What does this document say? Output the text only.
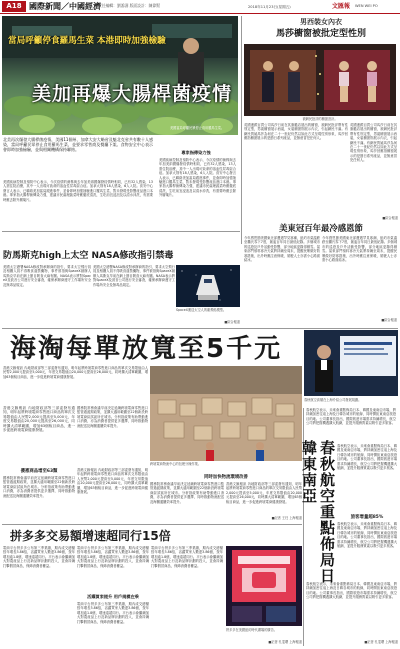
A18 國際新聞／中國經濟
責任編輯：劉鴻濤 版面設計：陳偉賢	2018年11月23日(星期五)	文匯報 WEN WEI PO
當局呼籲停食羅馬生菜 本港即時加強檢驗
美加再爆大腸桿菌疫情
美國當局呼籲民眾停止食用羅馬生菜。
北美再次爆發大腸桿菌疫情，美國11個州、加拿大安大略省及魁北克省共有數十人感染，當局呼籲民眾停止食用羅馬生菜，並要求零售商及餐廳下架。食物安全中心表示會即時加強檢驗，並與相關機構保持聯絡。
專家指傳染力強
美國疾病控制及預防中心表示，今次疫情的菌株與去年加美兩國爆發疫情時相同，已有32人感染，13人需住院治療，其中一人出現可致命的溶血性尿毒綜合症。加拿大則有18人感染，6人入院。食安中心發言人表示，已聯絡美加當局跟進事件，並會即時加強抽驗進口羅馬生菜，暫未發現受影響產品進口本港。專家指大腸桿菌傳染力強，建議市民處理蔬菜時應徹底清洗，生吃前宜浸泡及以清水沖洗，有需要時應去除外層葉片。
美國疾病控制及預防中心表示，今次疫情的菌株與去年加美兩國爆發疫情時相同，已有32人感染，13人需住院治療，其中一人出現可致命的溶血性尿毒綜合症。加拿大則有18人感染，6人入院。食安中心發言人表示，已聯絡美加當局跟進事件，並會即時加強抽驗進口羅馬生菜，暫未發現受影響產品進口本港。專家指大腸桿菌傳染力強，建議市民處理蔬菜時應徹底清洗，生吃前宜浸泡及以清水沖洗，有需要時應去除外層葉片。
男西裝女內衣
馬莎櫥窗被批定型性別
被網民批評的櫥窗設計。
英國連鎖百貨公司馬莎日前在其旗艦店展出的櫥窗，被網民批評帶有性別定型，男裝櫥窗展示西裝，女裝櫥窗則展示內衣，引起網民不滿。有網民質疑馬莎為何在二十一世紀仍然以如此方式呈現性別形象，馬莎回應指櫥窗展示的是節日系列產品，並無意冒犯任何人。
英國連鎖百貨公司馬莎日前在其旗艦店展出的櫥窗，被網民批評帶有性別定型，男裝櫥窗展示西裝，女裝櫥窗則展示內衣，引起網民不滿。有網民質疑馬莎為何在二十一世紀仍然以如此方式呈現性別形象，馬莎回應指櫥窗展示的是節日系列產品，並無意冒犯任何人。
■綜合報道
美東冠百年最冷感恩節
防馬斯克high上太空 NASA修改指引禁毒
美國太空總署NASA修改對承辦商的指引，要求太空飛行員及相關人員不得吸食違禁藥物，事件被指與SpaceX創辦人馬斯克早前在網上節目吸食大麻有關。NASA表示將對SpaceX及波音公司進行安全審查，確保承辦商遵守工作場所安全及無毒品規定。
美國太空總署NASA修改對承辦商的指引，要求太空飛行員及相關人員不得吸食違禁藥物，事件被指與SpaceX創辦人馬斯克早前在網上節目吸食大麻有關。NASA表示將對SpaceX及波音公司進行安全審查，確保承辦商遵守工作場所安全及無毒品規定。
SpaceX運送太空人的龍飛船模型。
■綜合報道
今年感恩節美國東北部遭遇罕見寒潮，紐約市氣溫跌至攝氏零下7度，創逾百年同日最低紀錄。多個城市的巡遊及戶外活動受影響，部分地區更錄得積雪。氣象部門預料寒冷天氣將持續至周末，提醒民眾做好防寒措施，出外時應注意保暖，駕駛人士亦需小心路面結冰。
今年感恩節美國東北部遭遇罕見寒潮，紐約市氣溫跌至攝氏零下7度，創逾百年同日最低紀錄。多個城市的巡遊及戶外活動受影響，部分地區更錄得積雪。氣象部門預料寒冷天氣將持續至周末，提醒民眾做好防寒措施，出外時應注意保暖，駕駛人士亦需小心路面結冰。
■綜合報道
海淘每單放寬至5千元
春秋航空高層在上海介紹公司發展規劃。
香港文匯報訊 內地財政部等三部委發布通知，明年起將跨境電商零售進口商品的單次交易限值由人民幣2,000元提高至5,000元，年度交易限值由20,000元提高至26,000元，同時擴大清單範圍，增加63個稅目商品，進一步促進跨境電商健康發展。
跨境電商物流中心的包裹分揀作業。
香港文匯報訊 內地財政部等三部委發布通知，明年起將跨境電商零售進口商品的單次交易限值由人民幣2,000元提高至5,000元，年度交易限值由20,000元提高至26,000元，同時擴大清單範圍，增加63個稅目商品，進一步促進跨境電商健康發展。
國務院常務會議早前決定延續跨境電商零售進口監管過渡期政策，並擴大適用範圍至22個新設跨境電商綜試區所在城市。分析指政策有助帶動進口消費，亦為消費者提供更多選擇，同時推動物流配送及海關通關效率提升。
優惠商品增至63類
國務院常務會議早前決定延續跨境電商零售進口監管過渡期政策，並擴大適用範圍至22個新設跨境電商綜試區所在城市。分析指政策有助帶動進口消費，亦為消費者提供更多選擇，同時推動物流配送及海關通關效率提升。
香港文匯報訊 內地財政部等三部委發布通知，明年起將跨境電商零售進口商品的單次交易限值由人民幣2,000元提高至5,000元，年度交易限值由20,000元提高至26,000元，同時擴大清單範圍，增加63個稅目商品，進一步促進跨境電商健康發展。
同時加快物流環境改善
國務院常務會議早前決定延續跨境電商零售進口監管過渡期政策，並擴大適用範圍至22個新設跨境電商綜試區所在城市。分析指政策有助帶動進口消費，亦為消費者提供更多選擇，同時推動物流配送及海關通關效率提升。
香港文匯報訊 內地財政部等三部委發布通知，明年起將跨境電商零售進口商品的單次交易限值由人民幣2,000元提高至5,000元，年度交易限值由20,000元提高至26,000元，同時擴大清單範圍，增加63個稅目商品，進一步促進跨境電商健康發展。
■記者 王玨 上海報道
春秋航空表示，未來會重點佈局日本、韓國及東南亞市場，將持續加密往返上海及日韓各城市的航線，同時開拓東南亞旅遊目的地。公司董事長指出，國際旅遊市場需求持續增長，航空公司將把握機遇擴大航網，並提升服務質素以吸引更多旅客。
春秋航空重點佈局日韓東南亞	春秋航空表示，未來會重點佈局日本、韓國及東南亞市場，將持續加密往返上海及日韓各城市的航線，同時開拓東南亞旅遊目的地。公司董事長指出，國際旅遊市場需求持續增長，航空公司將把握機遇擴大航網，並提升服務質素以吸引更多旅客。
旅客增量超85%
春秋航空表示，未來會重點佈局日本、韓國及東南亞市場，將持續加密往返上海及日韓各城市的航線，同時開拓東南亞旅遊目的地。公司董事長指出，國際旅遊市場需求持續增長，航空公司將把握機遇擴大航網，並提升服務質素以吸引更多旅客。
春秋航空表示，未來會重點佈局日本、韓國及東南亞市場，將持續加密往返上海及日韓各城市的航線，同時開拓東南亞旅遊目的地。公司董事長指出，國際旅遊市場需求持續增長，航空公司將把握機遇擴大航網，並提升服務質素以吸引更多旅客。
■記者 孔雯瓊 上海報道
拼多多交易額增速超同行15倍
電商平台拼多多公布第三季業績，期內成交總額按年增長3.86倍，活躍買家人數達3.86億，按年增加逾1.8億，增速遠超同行。平台表示會繼續加大對農產品上行及新品牌計劃的投入，並會持續打擊假冒商品，保障消費者權益。
電商平台拼多多公布第三季業績，期內成交總額按年增長3.86倍，活躍買家人數達3.86億，按年增加逾1.8億，增速遠超同行。平台表示會繼續加大對農產品上行及新品牌計劃的投入，並會持續打擊假冒商品，保障消費者權益。
活躍買家提升 用戶規模在乘
電商平台拼多多公布第三季業績，期內成交總額按年增長3.86倍，活躍買家人數達3.86億，按年增加逾1.8億，增速遠超同行。平台表示會繼續加大對農產品上行及新品牌計劃的投入，並會持續打擊假冒商品，保障消費者權益。
電商平台拼多多公布第三季業績，期內成交總額按年增長3.86倍，活躍買家人數達3.86億，按年增加逾1.8億，增速遠超同行。平台表示會繼續加大對農產品上行及新品牌計劃的投入，並會持續打擊假冒商品，保障消費者權益。
拼多多在美國紐約時代廣場的廣告。
■記者 孔雯瓊 上海報道
